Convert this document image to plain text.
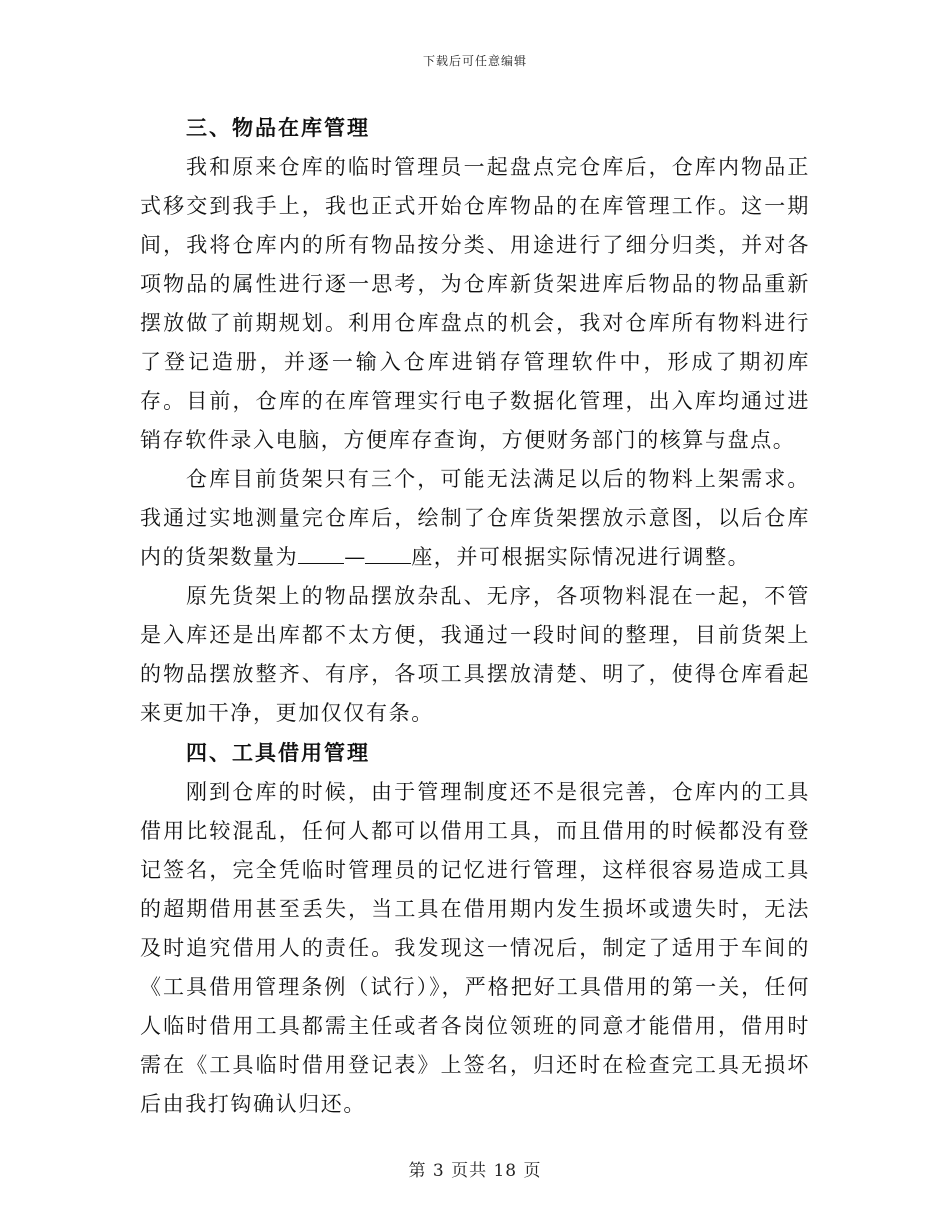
下载后可任意编辑
三、物品在库管理

我和原来仓库的临时管理员一起盘点完仓库后，仓库内物品正式移交到我手上，我也正式开始仓库物品的在库管理工作。这一期间，我将仓库内的所有物品按分类、用途进行了细分归类，并对各项物品的属性进行逐一思考，为仓库新货架进库后物品的物品重新摆放做了前期规划。利用仓库盘点的机会，我对仓库所有物料进行了登记造册，并逐一输入仓库进销存管理软件中，形成了期初库存。目前，仓库的在库管理实行电子数据化管理，出入库均通过进销存软件录入电脑，方便库存查询，方便财务部门的核算与盘点。

仓库目前货架只有三个，可能无法满足以后的物料上架需求。我通过实地测量完仓库后，绘制了仓库货架摆放示意图，以后仓库内的货架数量为 — 座，并可根据实际情况进行调整。

原先货架上的物品摆放杂乱、无序，各项物料混在一起，不管是入库还是出库都不太方便，我通过一段时间的整理，目前货架上的物品摆放整齐、有序，各项工具摆放清楚、明了，使得仓库看起来更加干净，更加仅仅有条。

四、工具借用管理

刚到仓库的时候，由于管理制度还不是很完善，仓库内的工具借用比较混乱，任何人都可以借用工具，而且借用的时候都没有登记签名，完全凭临时管理员的记忆进行管理，这样很容易造成工具的超期借用甚至丢失，当工具在借用期内发生损坏或遗失时，无法及时追究借用人的责任。我发现这一情况后，制定了适用于车间的《工具借用管理条例（试行）》，严格把好工具借用的第一关，任何人临时借用工具都需主任或者各岗位领班的同意才能借用，借用时需在《工具临时借用登记表》上签名，归还时在检查完工具无损坏后由我打钩确认归还。

第 3 页共 18 页
